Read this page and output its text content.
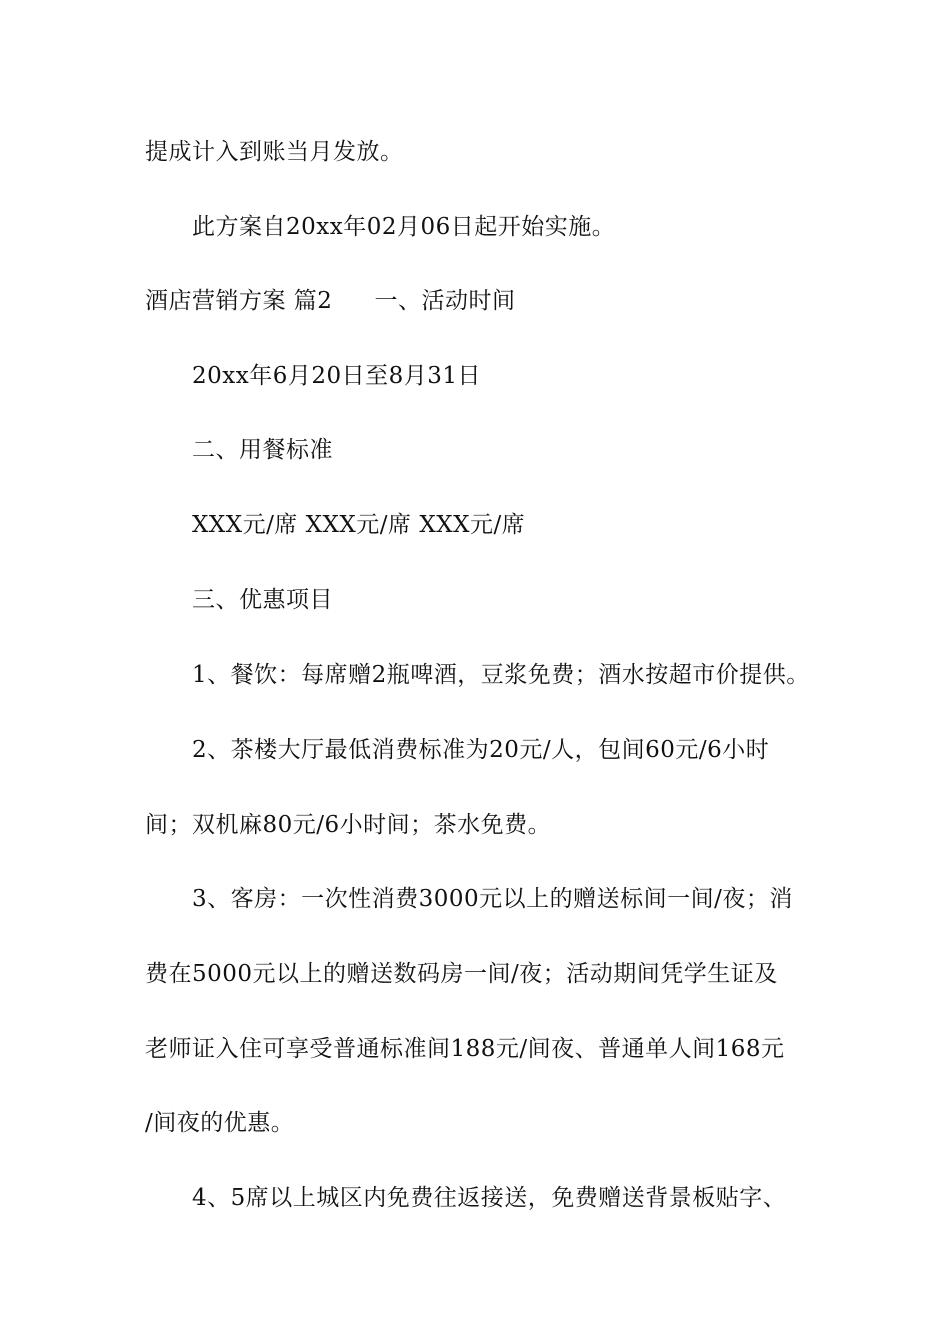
提成计入到账当月发放。
此方案自20xx年02月06日起开始实施。
酒店营销方案 篇2 一、活动时间
20xx年6月20日至8月31日
二、用餐标准
XXX元/席 XXX元/席 XXX元/席
三、优惠项目
1、餐饮：每席赠2瓶啤酒，豆浆免费；酒水按超市价提供。
2、茶楼大厅最低消费标准为20元/人，包间60元/6小时
间；双机麻80元/6小时间；茶水免费。
3、客房：一次性消费3000元以上的赠送标间一间/夜；消
费在5000元以上的赠送数码房一间/夜；活动期间凭学生证及
老师证入住可享受普通标准间188元/间夜、普通单人间168元
/间夜的优惠。
4、5席以上城区内免费往返接送，免费赠送背景板贴字、
